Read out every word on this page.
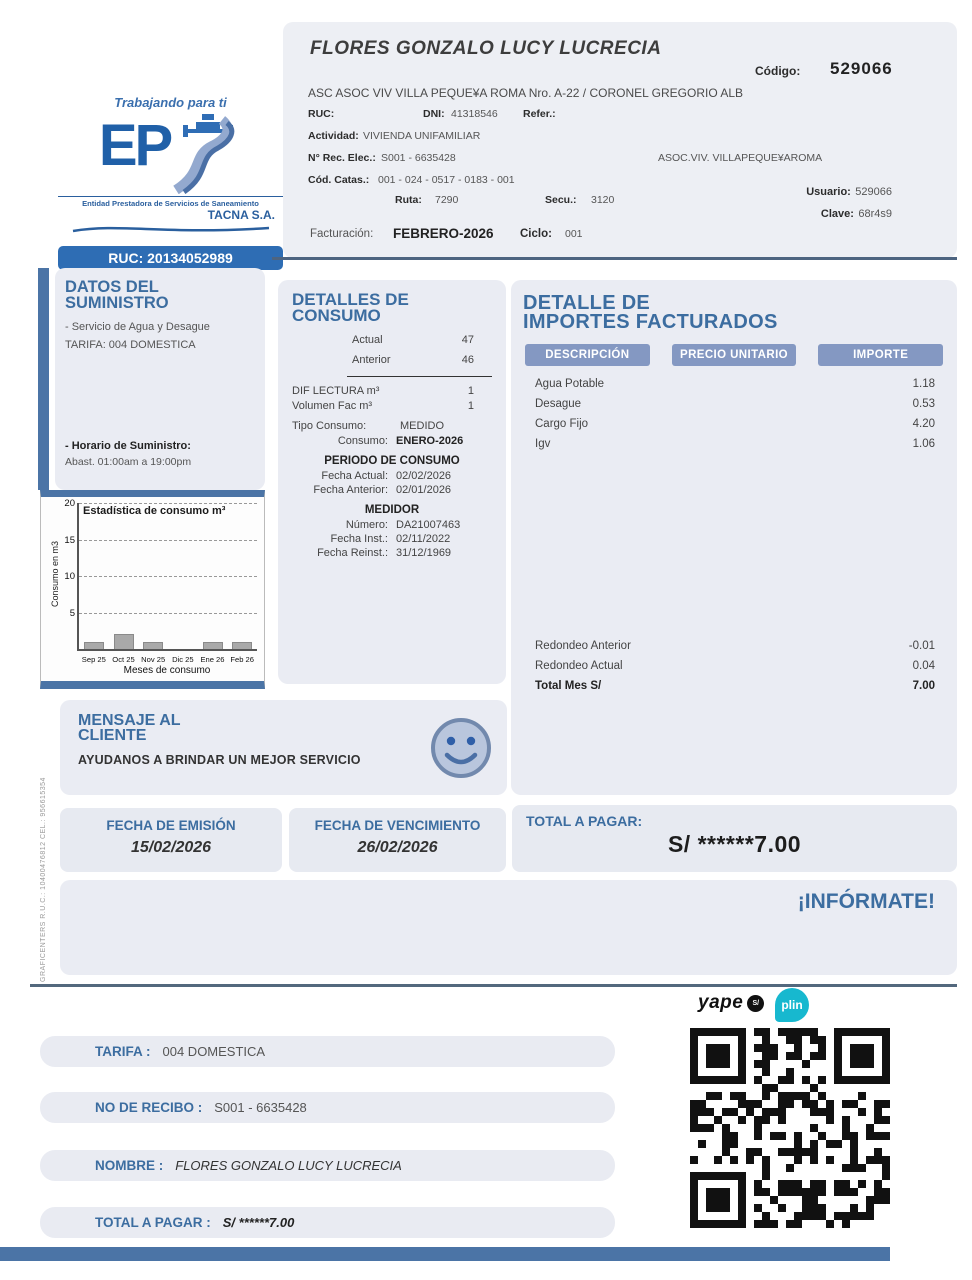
Trabajando para ti
EP
Entidad Prestadora de Servicios de Saneamiento
TACNA S.A.
RUC: 20134052989
FLORES GONZALO LUCY LUCRECIA
Código: 529066
ASC ASOC VIV VILLA PEQUE¥A ROMA Nro. A-22 / CORONEL GREGORIO ALB
RUC:	DNI: 41318546 Refer.:
Actividad: VIVIENDA UNIFAMILIAR
N° Rec. Elec.: S001 - 6635428	ASOC.VIV. VILLAPEQUE¥AROMA
Cód. Catas.: 001 - 024 - 0517 - 0183 - 001
Usuario: 529066
Ruta: 7290	Secu.: 3120
Clave: 68r4s9
Facturación: FEBRERO-2026 Ciclo: 001
DATOS DEL SUMINISTRO
- Servicio de Agua y Desague
TARIFA: 004 DOMESTICA
- Horario de Suministro:
Abast. 01:00am a 19:00pm
Estadística de consumo m³
Consumo en m3
5
10
15
20
Sep 25 Oct 25 Nov 25 Dic 25 Ene 26 Feb 26
Meses de consumo
DETALLES DE CONSUMO
Actual	47
Anterior	46
DIF LECTURA m³	1
Volumen Fac m³	1
Tipo Consumo:	MEDIDO
Consumo: ENERO-2026
PERIODO DE CONSUMO
Fecha Actual: 02/02/2026
Fecha Anterior: 02/01/2026
MEDIDOR
Número: DA21007463
Fecha Inst.: 02/11/2022
Fecha Reinst.: 31/12/1969
DETALLE DE
IMPORTES FACTURADOS
DESCRIPCIÓN	PRECIO UNITARIO	IMPORTE
Agua Potable	1.18
Desague	0.53
Cargo Fijo	4.20
Igv	1.06
Redondeo Anterior	-0.01
Redondeo Actual	0.04
Total Mes S/	7.00
MENSAJE AL
CLIENTE
AYUDANOS A BRINDAR UN MEJOR SERVICIO
FECHA DE EMISIÓN
15/02/2026
FECHA DE VENCIMIENTO
26/02/2026
TOTAL A PAGAR:
S/ ******7.00
¡INFÓRMATE!
GRAFICENTERS R.U.C.: 10400476812 CEL.: 956615354
yape	S/	plin
TARIFA : 004 DOMESTICA
NO DE RECIBO : S001 - 6635428
NOMBRE : FLORES GONZALO LUCY LUCRECIA
TOTAL A PAGAR : S/ ******7.00
